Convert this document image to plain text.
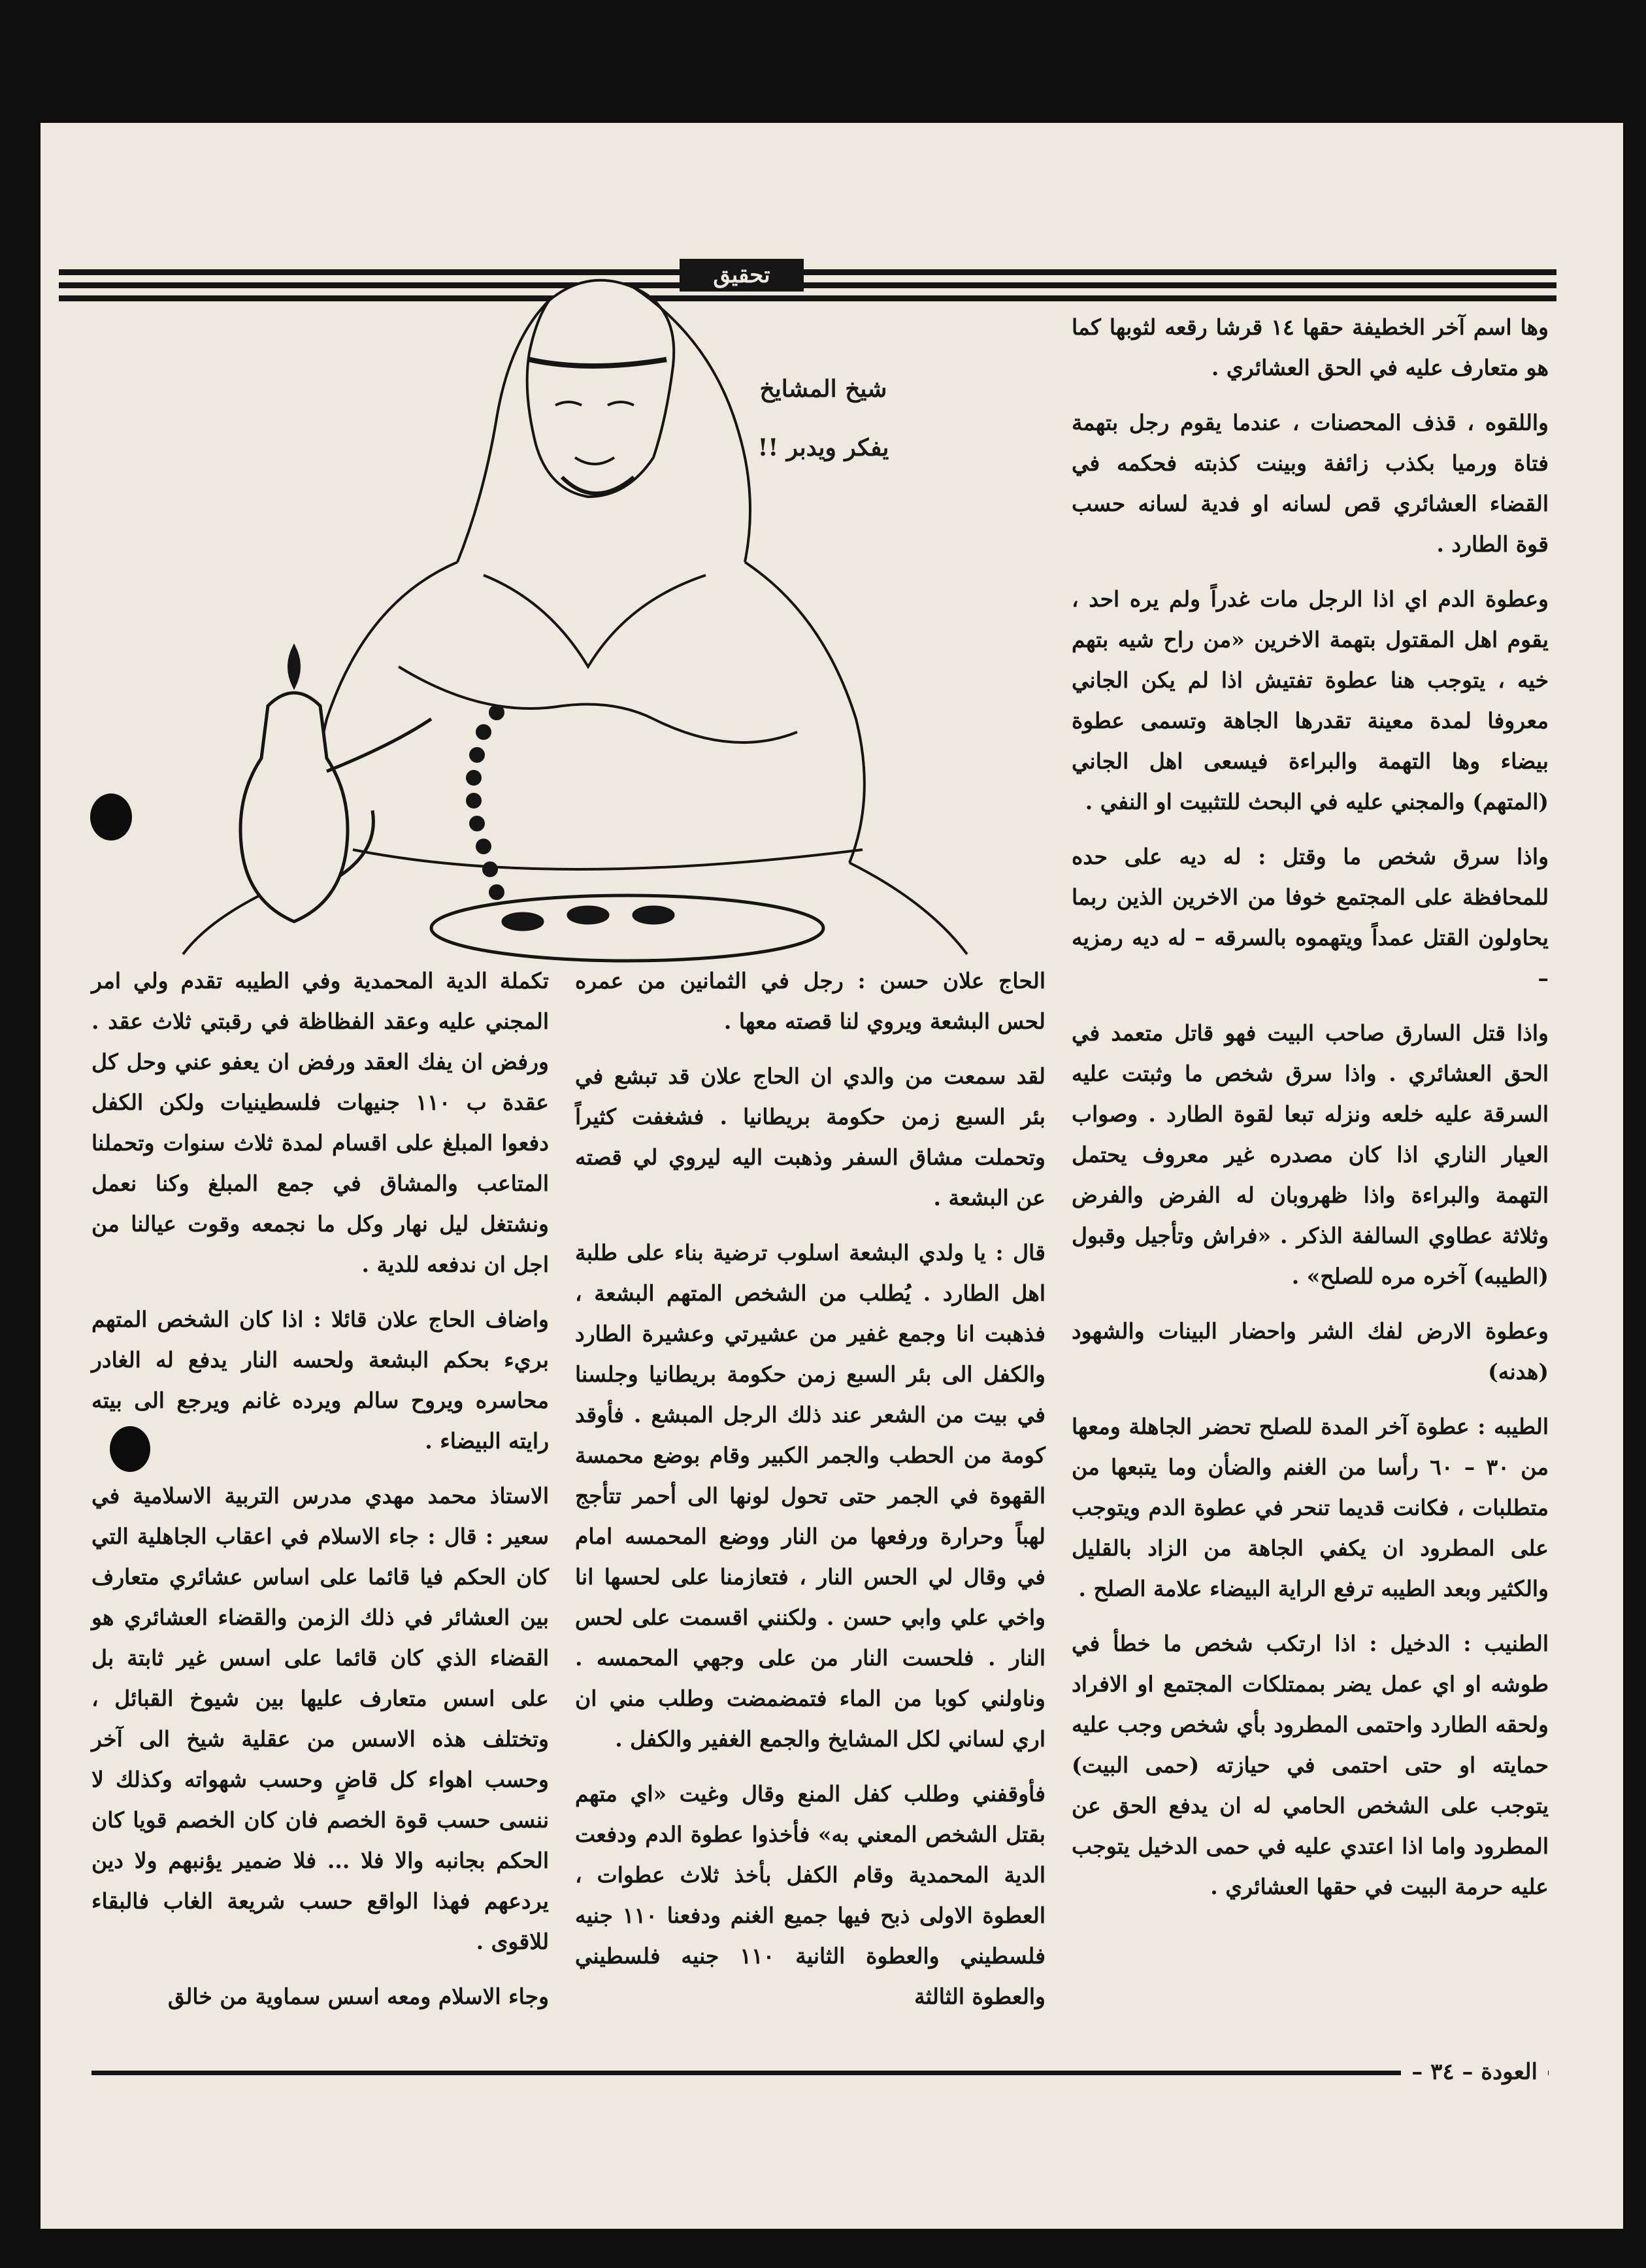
تحقيق
شيخ المشايخ
يفكر ويدبر !!

وها اسم آخر الخطيفة حقها ١٤ قرشا رقعه لثوبها كما هو متعارف عليه في الحق العشائري .

واللقوه ، قذف المحصنات ، عندما يقوم رجل بتهمة فتاة ورميا بكذب زائفة وبينت كذبته فحكمه في القضاء العشائري قص لسانه او فدية لسانه حسب قوة الطارد .

وعطوة الدم اي اذا الرجل مات غدراً ولم يره احد ، يقوم اهل المقتول بتهمة الاخرين «من راح شيه بتهم خيه ، يتوجب هنا عطوة تفتيش اذا لم يكن الجاني معروفا لمدة معينة تقدرها الجاهة وتسمى عطوة بيضاء وها التهمة والبراءة فيسعى اهل الجاني (المتهم) والمجني عليه في البحث للتثبيت او النفي .

واذا سرق شخص ما وقتل : له ديه على حده للمحافظة على المجتمع خوفا من الاخرين الذين ربما يحاولون القتل عمداً ويتهموه بالسرقه – له ديه رمزيه –

واذا قتل السارق صاحب البيت فهو قاتل متعمد في الحق العشائري . واذا سرق شخص ما وثبتت عليه السرقة عليه خلعه ونزله تبعا لقوة الطارد . وصواب العيار الناري اذا كان مصدره غير معروف يحتمل التهمة والبراءة واذا ظهروبان له الفرض والفرض وثلاثة عطاوي السالفة الذكر . «فراش وتأجيل وقبول (الطيبه) آخره مره للصلح» .

وعطوة الارض لفك الشر واحضار البينات والشهود (هدنه)

الطيبه : عطوة آخر المدة للصلح تحضر الجاهلة ومعها من ٣٠ – ٦٠ رأسا من الغنم والضأن وما يتبعها من متطلبات ، فكانت قديما تنحر في عطوة الدم ويتوجب على المطرود ان يكفي الجاهة من الزاد بالقليل والكثير وبعد الطيبه ترفع الراية البيضاء علامة الصلح .

الطنيب : الدخيل : اذا ارتكب شخص ما خطأ في طوشه او اي عمل يضر بممتلكات المجتمع او الافراد ولحقه الطارد واحتمى المطرود بأي شخص وجب عليه حمايته او حتى احتمى في حيازته (حمى البيت) يتوجب على الشخص الحامي له ان يدفع الحق عن المطرود واما اذا اعتدي عليه في حمى الدخيل يتوجب عليه حرمة البيت في حقها العشائري .

الحاج علان حسن : رجل في الثمانين من عمره لحس البشعة ويروي لنا قصته معها .

لقد سمعت من والدي ان الحاج علان قد تبشع في بئر السبع زمن حكومة بريطانيا . فشغفت كثيراً وتحملت مشاق السفر وذهبت اليه ليروي لي قصته عن البشعة .

قال : يا ولدي البشعة اسلوب ترضية بناء على طلبة اهل الطارد . يُطلب من الشخص المتهم البشعة ، فذهبت انا وجمع غفير من عشيرتي وعشيرة الطارد والكفل الى بئر السبع زمن حكومة بريطانيا وجلسنا في بيت من الشعر عند ذلك الرجل المبشع . فأوقد كومة من الحطب والجمر الكبير وقام بوضع محمسة القهوة في الجمر حتى تحول لونها الى أحمر تتأجج لهباً وحرارة ورفعها من النار ووضع المحمسه امام في وقال لي الحس النار ، فتعازمنا على لحسها انا واخي علي وابي حسن . ولكنني اقسمت على لحس النار . فلحست النار من على وجهي المحمسه . وناولني كوبا من الماء فتمضمضت وطلب مني ان اري لساني لكل المشايخ والجمع الغفير والكفل .

فأوقفني وطلب كفل المنع وقال وغيت «اي متهم بقتل الشخص المعني به» فأخذوا عطوة الدم ودفعت الدية المحمدية وقام الكفل بأخذ ثلاث عطوات ، العطوة الاولى ذبح فيها جميع الغنم ودفعنا ١١٠ جنيه فلسطيني والعطوة الثانية ١١٠ جنيه فلسطيني والعطوة الثالثة

تكملة الدية المحمدية وفي الطيبه تقدم ولي امر المجني عليه وعقد الفظاظة في رقبتي ثلاث عقد . ورفض ان يفك العقد ورفض ان يعفو عني وحل كل عقدة ب ١١٠ جنيهات فلسطينيات ولكن الكفل دفعوا المبلغ على اقسام لمدة ثلاث سنوات وتحملنا المتاعب والمشاق في جمع المبلغ وكنا نعمل ونشتغل ليل نهار وكل ما نجمعه وقوت عيالنا من اجل ان ندفعه للدية .

واضاف الحاج علان قائلا : اذا كان الشخص المتهم بريء بحكم البشعة ولحسه النار يدفع له الغادر محاسره ويروح سالم ويرده غانم ويرجع الى بيته رايته البيضاء .

الاستاذ محمد مهدي مدرس التربية الاسلامية في سعير : قال : جاء الاسلام في اعقاب الجاهلية التي كان الحكم فيا قائما على اساس عشائري متعارف بين العشائر في ذلك الزمن والقضاء العشائري هو القضاء الذي كان قائما على اسس غير ثابتة بل على اسس متعارف عليها بين شيوخ القبائل ، وتختلف هذه الاسس من عقلية شيخ الى آخر وحسب اهواء كل قاضٍ وحسب شهواته وكذلك لا ننسى حسب قوة الخصم فان كان الخصم قويا كان الحكم بجانبه والا فلا ... فلا ضمير يؤنبهم ولا دين يردعهم فهذا الواقع حسب شريعة الغاب فالبقاء للاقوى .

وجاء الاسلام ومعه اسس سماوية من خالق

العودة – ٣٤ –
